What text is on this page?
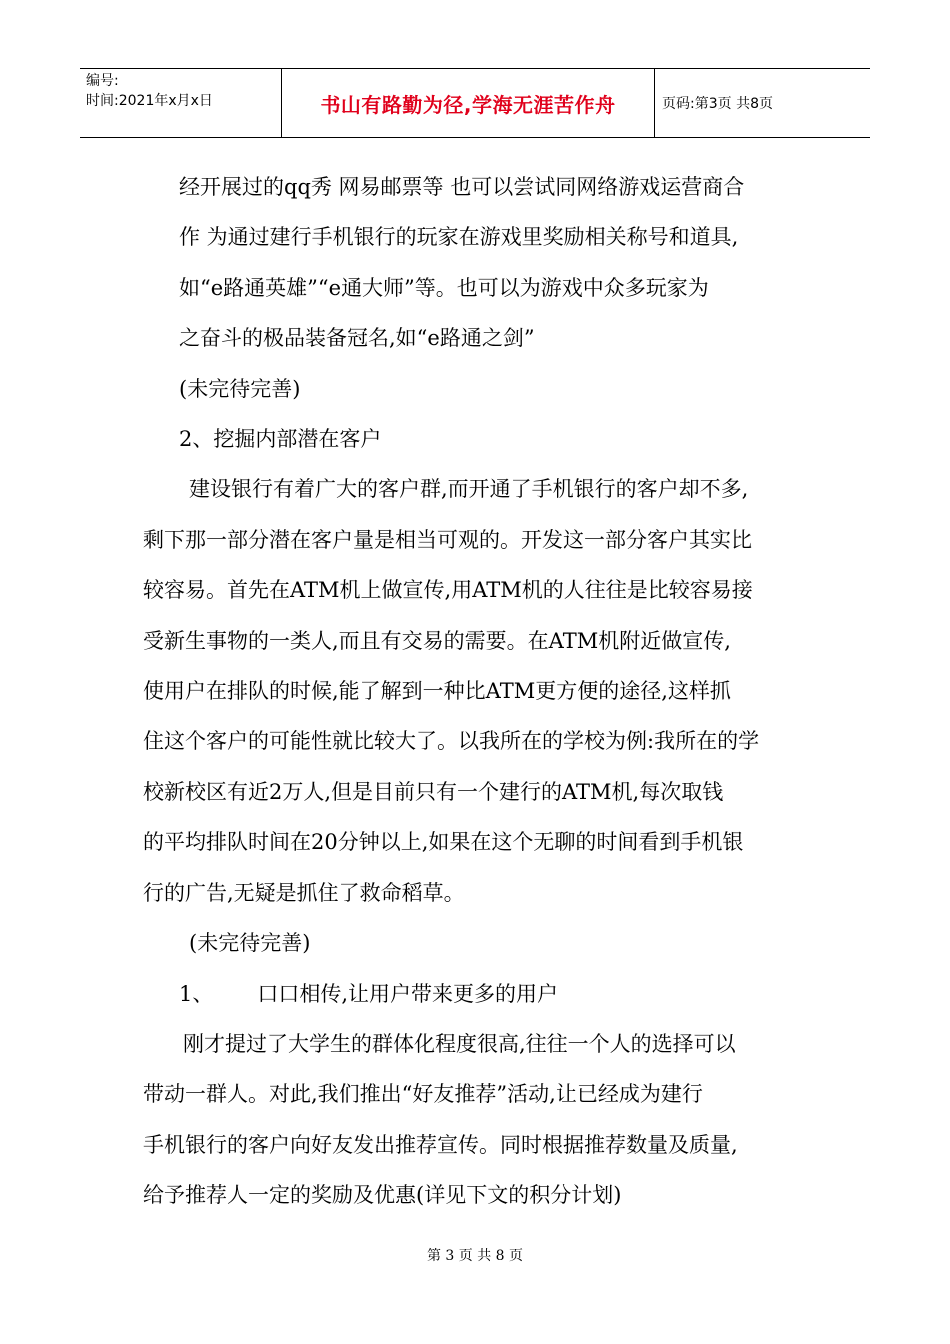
编号:
时间:2021年x月x日	书山有路勤为径,学海无涯苦作舟	页码:第3页 共8页

经开展过的qq秀 网易邮票等 也可以尝试同网络游戏运营商合

作 为通过建行手机银行的玩家在游戏里奖励相关称号和道具,

如“e路通英雄”“e通大师”等。也可以为游戏中众多玩家为

之奋斗的极品装备冠名,如“e路通之剑”

(未完待完善)

2、挖掘内部潜在客户

建设银行有着广大的客户群,而开通了手机银行的客户却不多,

剩下那一部分潜在客户量是相当可观的。开发这一部分客户其实比

较容易。首先在ATM机上做宣传,用ATM机的人往往是比较容易接

受新生事物的一类人,而且有交易的需要。在ATM机附近做宣传,

使用户在排队的时候,能了解到一种比ATM更方便的途径,这样抓

住这个客户的可能性就比较大了。以我所在的学校为例:我所在的学

校新校区有近2万人,但是目前只有一个建行的ATM机,每次取钱

的平均排队时间在20分钟以上,如果在这个无聊的时间看到手机银

行的广告,无疑是抓住了救命稻草。

(未完待完善)

1、 口口相传,让用户带来更多的用户

刚才提过了大学生的群体化程度很高,往往一个人的选择可以

带动一群人。对此,我们推出“好友推荐”活动,让已经成为建行

手机银行的客户向好友发出推荐宣传。同时根据推荐数量及质量,

给予推荐人一定的奖励及优惠(详见下文的积分计划)

第 3 页 共 8 页
